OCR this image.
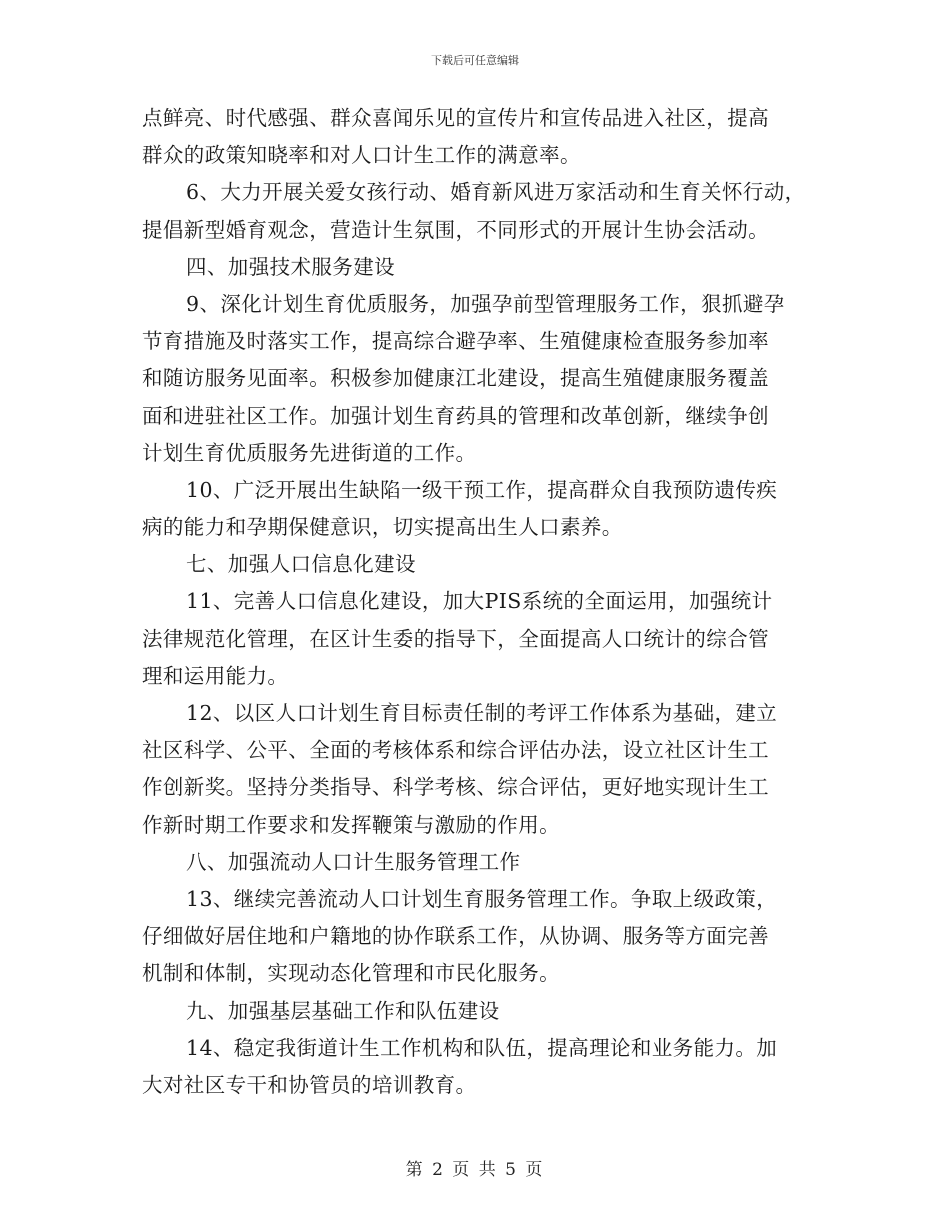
下载后可任意编辑
点鲜亮、时代感强、群众喜闻乐见的宣传片和宣传品进入社区，提高
群众的政策知晓率和对人口计生工作的满意率。
6、大力开展关爱女孩行动、婚育新风进万家活动和生育关怀行动，
提倡新型婚育观念，营造计生氛围，不同形式的开展计生协会活动。
四、加强技术服务建设
9、深化计划生育优质服务，加强孕前型管理服务工作，狠抓避孕
节育措施及时落实工作，提高综合避孕率、生殖健康检查服务参加率
和随访服务见面率。积极参加健康江北建设，提高生殖健康服务覆盖
面和进驻社区工作。加强计划生育药具的管理和改革创新，继续争创
计划生育优质服务先进街道的工作。
10、广泛开展出生缺陷一级干预工作，提高群众自我预防遗传疾
病的能力和孕期保健意识，切实提高出生人口素养。
七、加强人口信息化建设
11、完善人口信息化建设，加大PIS系统的全面运用，加强统计
法律规范化管理，在区计生委的指导下，全面提高人口统计的综合管
理和运用能力。
12、以区人口计划生育目标责任制的考评工作体系为基础，建立
社区科学、公平、全面的考核体系和综合评估办法，设立社区计生工
作创新奖。坚持分类指导、科学考核、综合评估，更好地实现计生工
作新时期工作要求和发挥鞭策与激励的作用。
八、加强流动人口计生服务管理工作
13、继续完善流动人口计划生育服务管理工作。争取上级政策，
仔细做好居住地和户籍地的协作联系工作，从协调、服务等方面完善
机制和体制，实现动态化管理和市民化服务。
九、加强基层基础工作和队伍建设
14、稳定我街道计生工作机构和队伍，提高理论和业务能力。加
大对社区专干和协管员的培训教育。
第 2 页 共 5 页
